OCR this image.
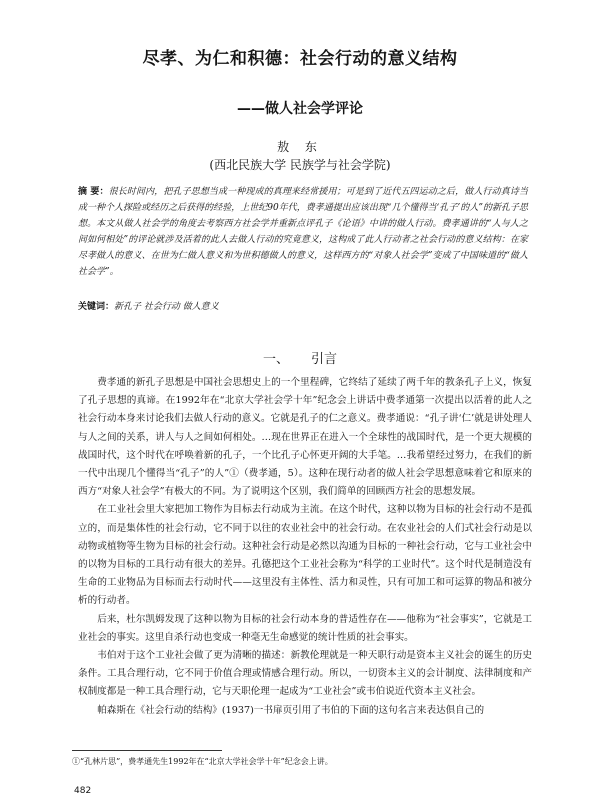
尽孝、为仁和积德：社会行动的意义结构
——做人社会学评论
敖 东
(西北民族大学 民族学与社会学院)
摘 要：很长时间内，把孔子思想当成一种现成的真理来经常援用；可是到了近代五四运动之后，做人行动真诗当成一种个人探险或经历之后获得的经验，上世纪90年代，费孝通提出应该出现“几个懂得当‘孔子’的人”的新孔子思想。本文从做人社会学的角度去考察西方社会学并重新点评孔子《论语》中讲的做人行动。费孝通讲的“人与人之间如何相处”的评论就涉及活着的此人去做人行动的究竟意义，这构成了此人行动者之社会行动的意义结构：在家尽孝做人的意义、在世为仁做人意义和为世积德做人的意义，这样西方的“对象人社会学”变成了中国味道的“做人社会学”。
关键词：新孔子 社会行动 做人意义
一、 引言

费孝通的新孔子思想是中国社会思想史上的一个里程碑，它终结了延续了两千年的教条孔子上义，恢复了孔子思想的真谛。在1992年在“北京大学社会学十年”纪念会上讲话中费孝通第一次提出以活着的此人之社会行动本身来讨论我们去做人行动的意义。它就是孔子的仁之意义。费孝通说：“孔子讲‘仁’就是讲处理人与人之间的关系，讲人与人之间如何相处。…现在世界正在进入一个全球性的战国时代，是一个更大规模的战国时代，这个时代在呼唤着新的孔子，一个比孔子心怀更开阔的大手笔。…我希望经过努力，在我们的新一代中出现几个懂得当“孔子”的人”①（费孝通，5）。这种在现行动者的做人社会学思想意味着它和原来的西方“对象人社会学”有极大的不同。为了说明这个区别，我们简单的回顾西方社会的思想发展。

在工业社会里大家把加工物作为目标去行动成为主流。在这个时代，这种以物为目标的社会行动不是孤立的，而是集体性的社会行动，它不同于以往的农业社会中的社会行动。在农业社会的人们式社会行动是以动物或植物等生物为目标的社会行动。这种社会行动是必然以沟通为目标的一种社会行动，它与工业社会中的以物为目标的工具行动有很大的差异。孔德把这个工业社会称为“科学的工业时代”。这个时代是制造没有生命的工业物品为目标而去行动时代——这里没有主体性、活力和灵性，只有可加工和可运算的物品和被分析的行动者。

后来，杜尔凯姆发现了这种以物为目标的社会行动本身的普适性存在——他称为“社会事实”，它就是工业社会的事实。这里自杀行动也变成一种毫无生命感觉的统计性质的社会事实。

韦伯对于这个工业社会做了更为清晰的描述：新教伦理就是一种天职行动是资本主义社会的诞生的历史条件。工具合理行动，它不同于价值合理或情感合理行动。所以，一切资本主义的会计制度、法律制度和产权制度都是一种工具合理行动，它与天职伦理一起成为“工业社会”或韦伯说近代资本主义社会。

帕森斯在《社会行动的结构》(1937)一书扉页引用了韦伯的下面的这句名言来表达俱自己的

①“孔林片思”，费孝通先生1992年在“北京大学社会学十年”纪念会上讲。
482
